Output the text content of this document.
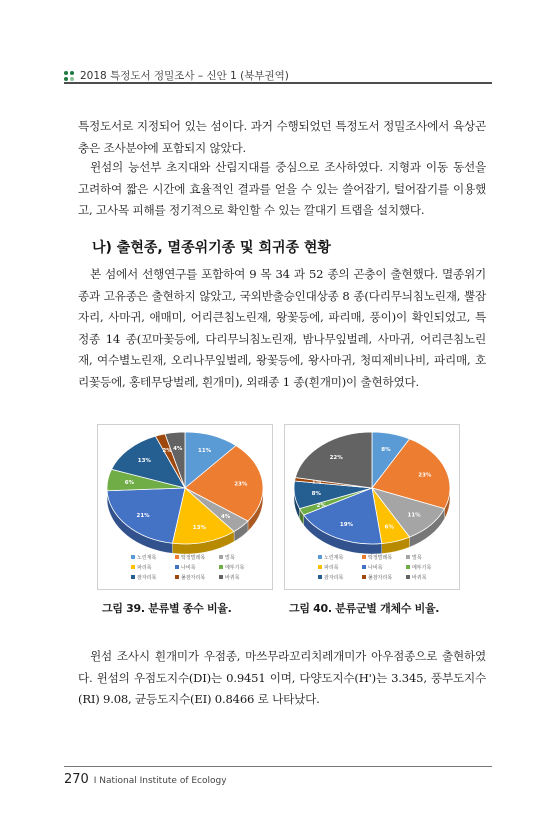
2018 특정도서 정밀조사 – 신안 1 (북부권역)

특정도서로 지정되어 있는 섬이다. 과거 수행되었던 특정도서 정밀조사에서 육상곤충은 조사분야에 포함되지 않았다.

윈섬의 능선부 초지대와 산림지대를 중심으로 조사하였다. 지형과 이동 동선을 고려하여 짧은 시간에 효율적인 결과를 얻을 수 있는 쓸어잡기, 털어잡기를 이용했고, 고사목 피해를 정기적으로 확인할 수 있는 깔대기 트랩을 설치했다.

나) 출현종, 멸종위기종 및 희귀종 현황

본 섬에서 선행연구를 포함하여 9 목 34 과 52 종의 곤충이 출현했다. 멸종위기종과 고유종은 출현하지 않았고, 국외반출승인대상종 8 종(다리무늬침노린재, 뿔잠자리, 사마귀, 애매미, 어리큰침노린재, 왕꽃등에, 파리매, 풍이)이 확인되었고, 특정종 14 종(꼬마꽃등에, 다리무늬침노린재, 밤나무잎벌레, 사마귀, 어리큰침노린재, 여수별노린재, 오리나무잎벌레, 왕꽃등에, 왕사마귀, 청띠제비나비, 파리매, 호리꽃등에, 홍테무당벌레, 흰개미), 외래종 1 종(흰개미)이 출현하였다.

11%
23%
4%
13%
21%
6%
13%
2% 4%
노린재목	딱정벌레목	벌목
파리목	나비목	메뚜기목
잠자리목	풀잠자리목	바퀴목
8%
23%
11%
6%
19%
2%
8%
1%
22%
노린재목	딱정벌레목	벌목
파리목	나비목	메뚜기목
잠자리목	풀잠자리목	바퀴목
그림 39. 분류별 종수 비율.	그림 40. 분류군별 개체수 비율.

윈섬 조사시 흰개미가 우점종, 마쓰무라꼬리치레개미가 아우점종으로 출현하였다. 윈섬의 우점도지수(DI)는 0.9451 이며, 다양도지수(H')는 3.345, 풍부도지수(RI) 9.08, 균등도지수(EI) 0.8466 로 나타났다.

270 I National Institute of Ecology
